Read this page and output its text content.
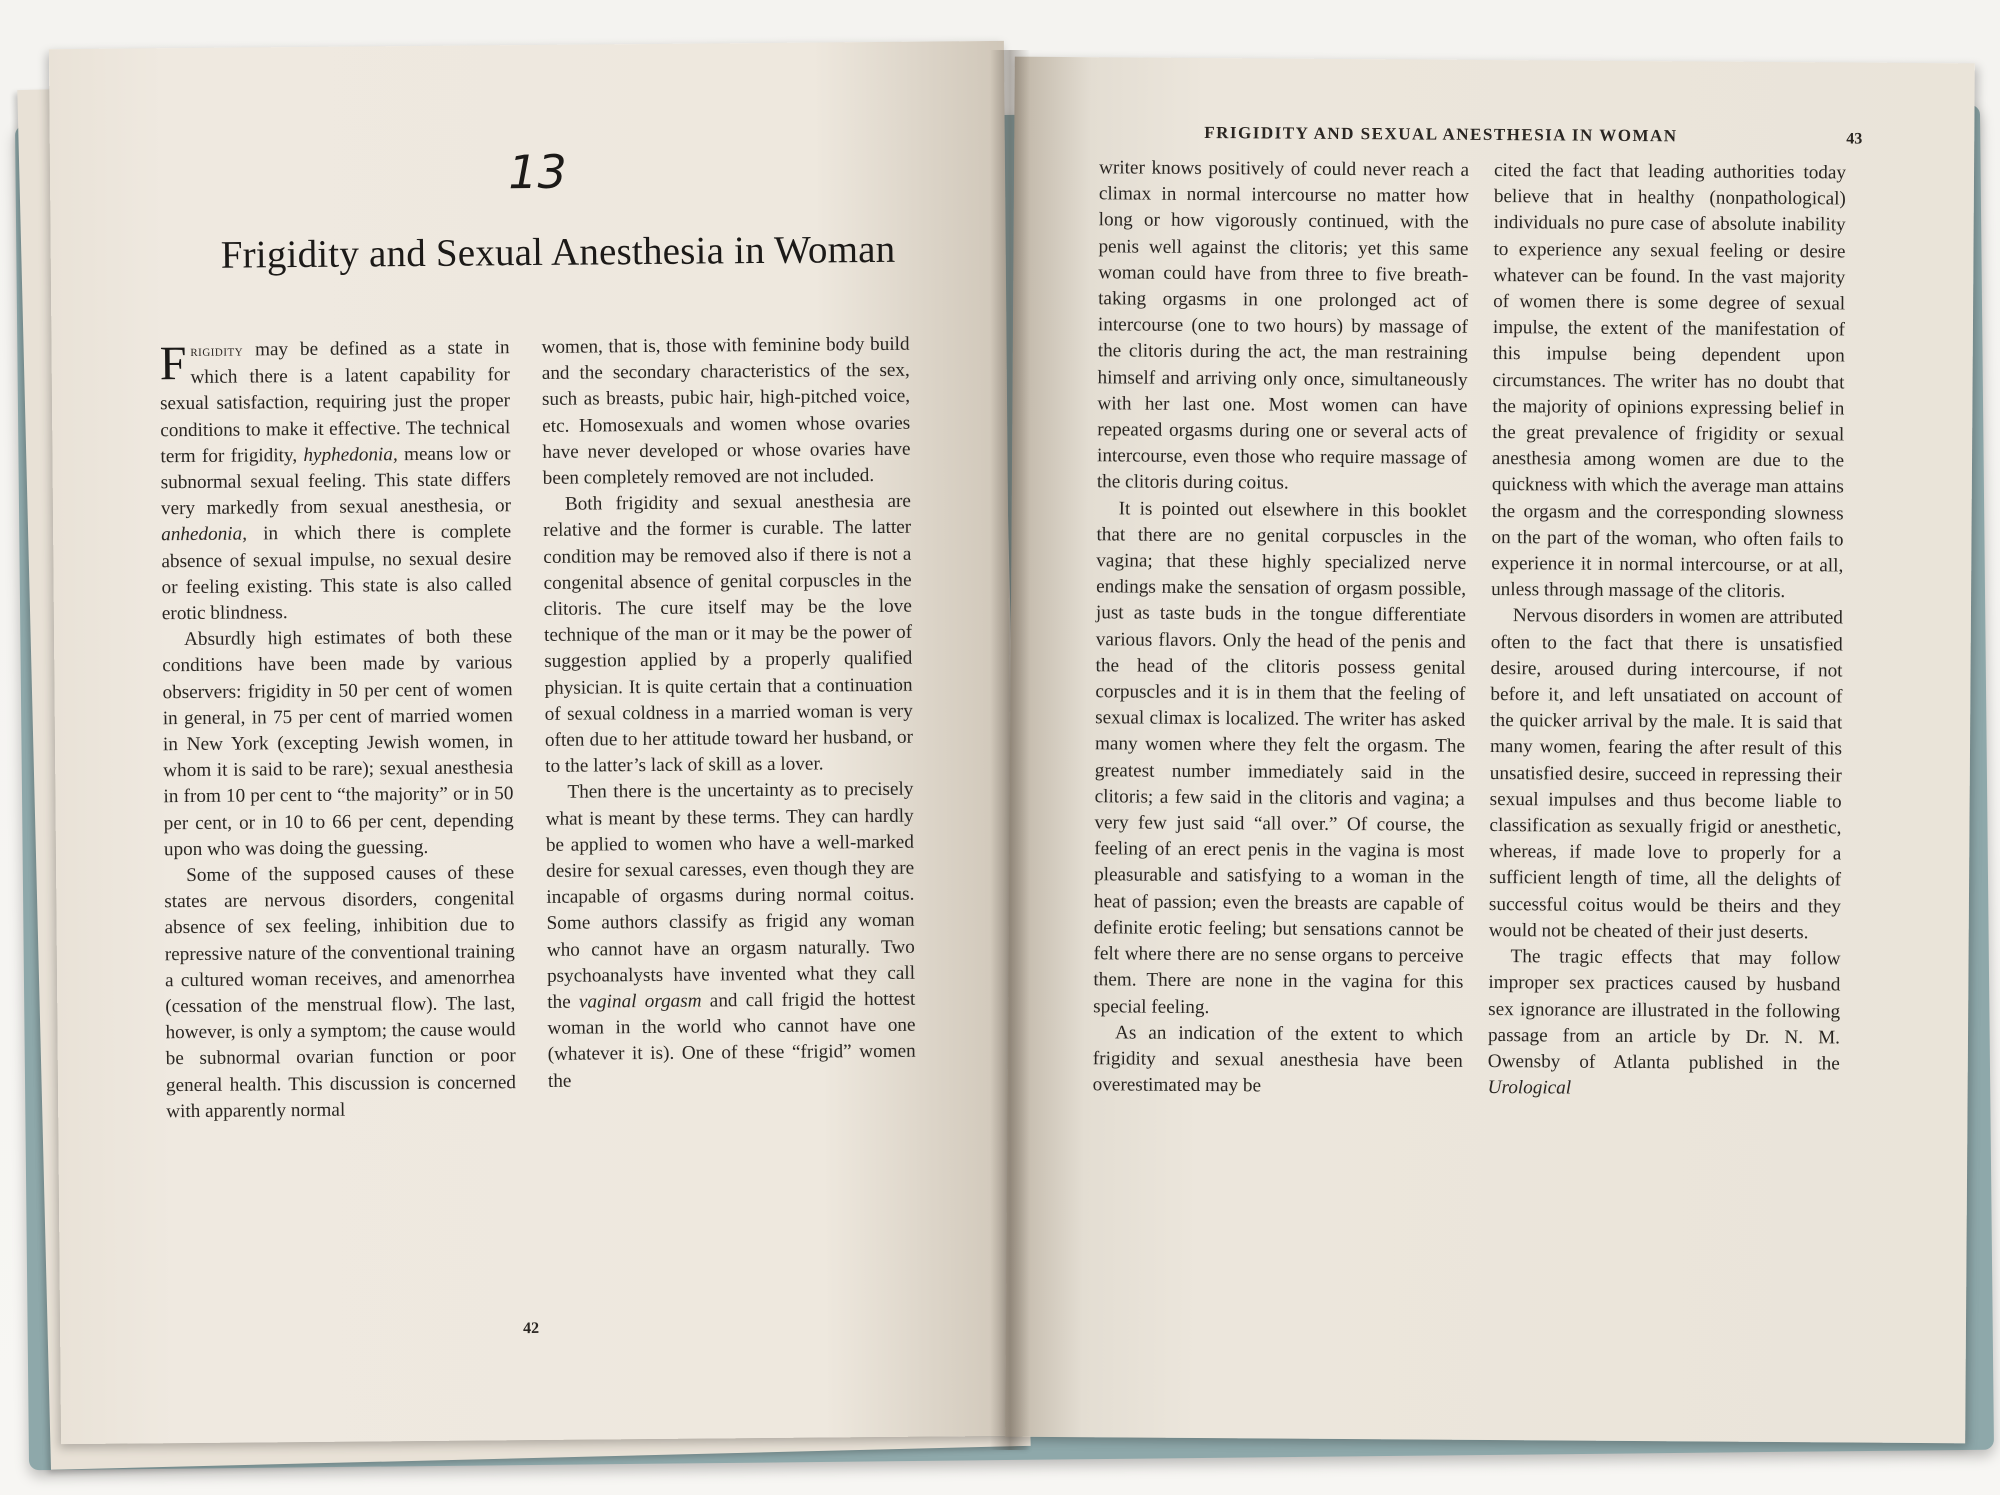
13
Frigidity and Sexual Anesthesia in Woman

Frigidity may be defined as a state in which there is a latent capability for sexual satisfaction, requiring just the proper conditions to make it effective. The technical term for frigidity, hyphedonia, means low or subnormal sexual feeling. This state differs very markedly from sexual anesthesia, or anhedonia, in which there is complete absence of sexual impulse, no sexual desire or feeling existing. This state is also called erotic blindness.

Absurdly high estimates of both these conditions have been made by various observers: frigidity in 50 per cent of women in general, in 75 per cent of married women in New York (excepting Jewish women, in whom it is said to be rare); sexual anesthesia in from 10 per cent to “the majority” or in 50 per cent, or in 10 to 66 per cent, depending upon who was doing the guessing.

Some of the supposed causes of these states are nervous disorders, congenital absence of sex feeling, inhibition due to repressive nature of the conventional training a cultured woman receives, and amenorrhea (cessation of the menstrual flow). The last, however, is only a symptom; the cause would be subnormal ovarian function or poor general health. This discussion is concerned with apparently normal

women, that is, those with feminine body build and the secondary characteristics of the sex, such as breasts, pubic hair, high-pitched voice, etc. Homosexuals and women whose ovaries have never developed or whose ovaries have been completely removed are not included.

Both frigidity and sexual anesthesia are relative and the former is curable. The latter condition may be removed also if there is not a congenital absence of genital corpuscles in the clitoris. The cure itself may be the love technique of the man or it may be the power of suggestion applied by a properly qualified physician. It is quite certain that a continuation of sexual coldness in a married woman is very often due to her attitude toward her husband, or to the latter’s lack of skill as a lover.

Then there is the uncertainty as to precisely what is meant by these terms. They can hardly be applied to women who have a well-marked desire for sexual caresses, even though they are incapable of orgasms during normal coitus. Some authors classify as frigid any woman who cannot have an orgasm naturally. Two psychoanalysts have invented what they call the vaginal orgasm and call frigid the hottest woman in the world who cannot have one (whatever it is). One of these “frigid” women the

42
FRIGIDITY AND SEXUAL ANESTHESIA IN WOMAN	43

writer knows positively of could never reach a climax in normal intercourse no matter how long or how vigorously continued, with the penis well against the clitoris; yet this same woman could have from three to five breath-taking orgasms in one prolonged act of intercourse (one to two hours) by massage of the clitoris during the act, the man restraining himself and arriving only once, simultaneously with her last one. Most women can have repeated orgasms during one or several acts of intercourse, even those who require massage of the clitoris during coitus.

It is pointed out elsewhere in this booklet that there are no genital corpuscles in the vagina; that these highly specialized nerve endings make the sensation of orgasm possible, just as taste buds in the tongue differentiate various flavors. Only the head of the penis and the head of the clitoris possess genital corpuscles and it is in them that the feeling of sexual climax is localized. The writer has asked many women where they felt the orgasm. The greatest number immediately said in the clitoris; a few said in the clitoris and vagina; a very few just said “all over.” Of course, the feeling of an erect penis in the vagina is most pleasurable and satisfying to a woman in the heat of passion; even the breasts are capable of definite erotic feeling; but sensations cannot be felt where there are no sense organs to perceive them. There are none in the vagina for this special feeling.

As an indication of the extent to which frigidity and sexual anesthesia have been overestimated may be

cited the fact that leading authorities today believe that in healthy (nonpathological) individuals no pure case of absolute inability to experience any sexual feeling or desire whatever can be found. In the vast majority of women there is some degree of sexual impulse, the extent of the manifestation of this impulse being dependent upon circumstances. The writer has no doubt that the majority of opinions expressing belief in the great prevalence of frigidity or sexual anesthesia among women are due to the quickness with which the average man attains the orgasm and the corresponding slowness on the part of the woman, who often fails to experience it in normal intercourse, or at all, unless through massage of the clitoris.

Nervous disorders in women are attributed often to the fact that there is unsatisfied desire, aroused during intercourse, if not before it, and left unsatiated on account of the quicker arrival by the male. It is said that many women, fearing the after result of this unsatisfied desire, succeed in repressing their sexual impulses and thus become liable to classification as sexually frigid or anesthetic, whereas, if made love to properly for a sufficient length of time, all the delights of successful coitus would be theirs and they would not be cheated of their just deserts.

The tragic effects that may follow improper sex practices caused by husband sex ignorance are illustrated in the following passage from an article by Dr. N. M. Owensby of Atlanta published in the Urological
